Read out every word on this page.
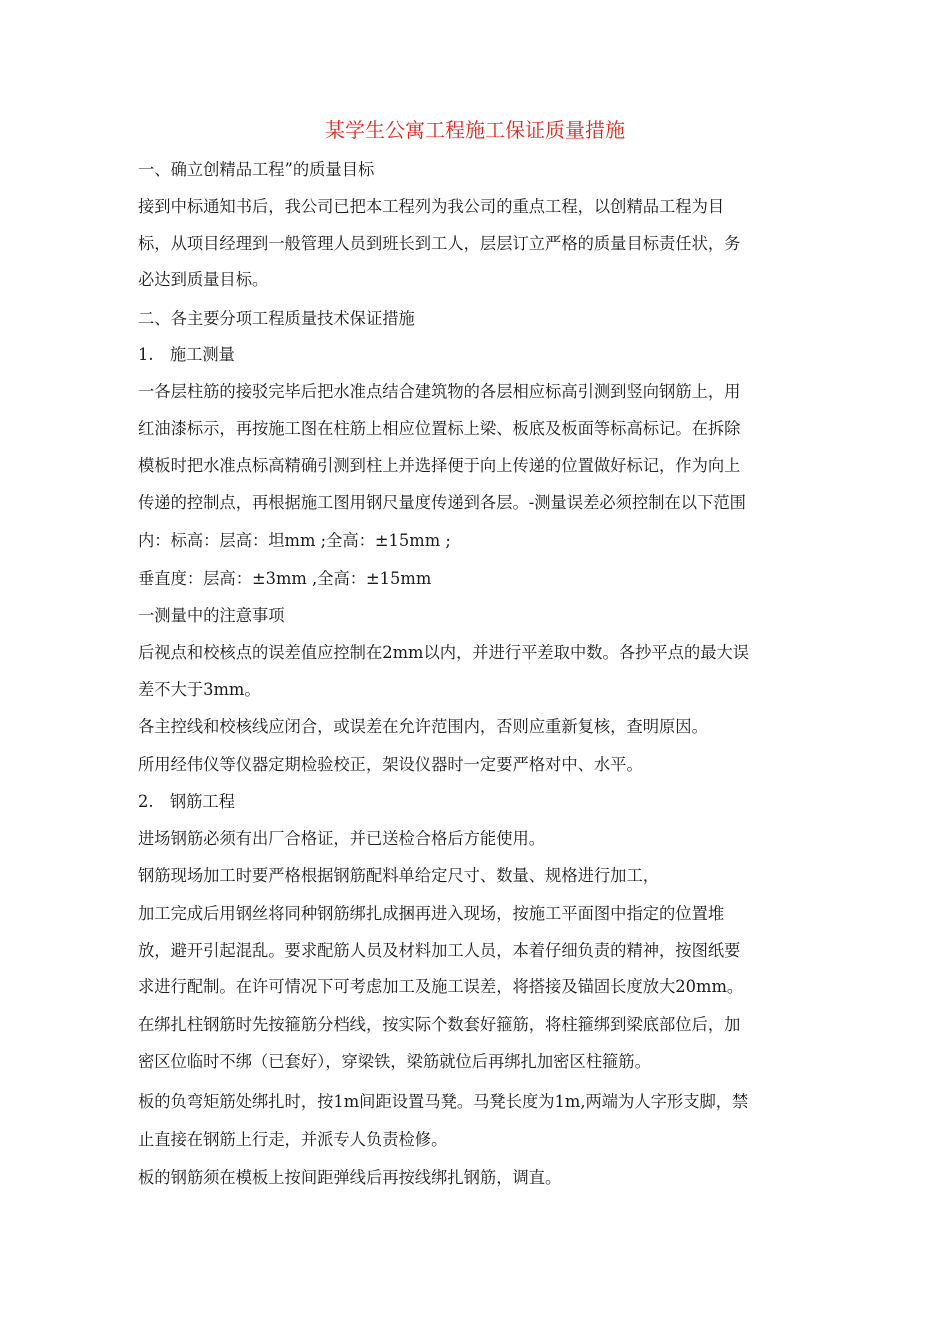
某学生公寓工程施工保证质量措施
一、确立创精品工程”的质量目标
接到中标通知书后，我公司已把本工程列为我公司的重点工程，以创精品工程为目
标，从项目经理到一般管理人员到班长到工人，层层订立严格的质量目标责任状，务
必达到质量目标。
二、各主要分项工程质量技术保证措施
1.　施工测量
一各层柱筋的接驳完毕后把水准点结合建筑物的各层相应标高引测到竖向钢筋上，用
红油漆标示，再按施工图在柱筋上相应位置标上梁、板底及板面等标高标记。在拆除
模板时把水准点标高精确引测到柱上并选择便于向上传递的位置做好标记，作为向上
传递的控制点，再根据施工图用钢尺量度传递到各层。-测量误差必须控制在以下范围
内：标高：层高：坦mm ;全高：±15mm ;
垂直度：层高：±3mm ,全高：±15mm
一测量中的注意事项
后视点和校核点的误差值应控制在2mm以内，并进行平差取中数。各抄平点的最大误
差不大于3mm。
各主控线和校核线应闭合，或误差在允许范围内，否则应重新复核，查明原因。
所用经伟仪等仪器定期检验校正，架设仪器时一定要严格对中、水平。
2.　钢筋工程
进场钢筋必须有出厂合格证，并已送检合格后方能使用。
钢筋现场加工时要严格根据钢筋配料单给定尺寸、数量、规格进行加工，
加工完成后用钢丝将同种钢筋绑扎成捆再进入现场，按施工平面图中指定的位置堆
放，避开引起混乱。要求配筋人员及材料加工人员，本着仔细负责的精神，按图纸要
求进行配制。在许可情况下可考虑加工及施工误差，将搭接及锚固长度放大20mm。
在绑扎柱钢筋时先按箍筋分档线，按实际个数套好箍筋，将柱箍绑到梁底部位后，加
密区位临时不绑（已套好），穿梁铁，梁筋就位后再绑扎加密区柱箍筋。
板的负弯矩筋处绑扎时，按1m间距设置马凳。马凳长度为1m,两端为人字形支脚，禁
止直接在钢筋上行走，并派专人负责检修。
板的钢筋须在模板上按间距弹线后再按线绑扎钢筋，调直。
